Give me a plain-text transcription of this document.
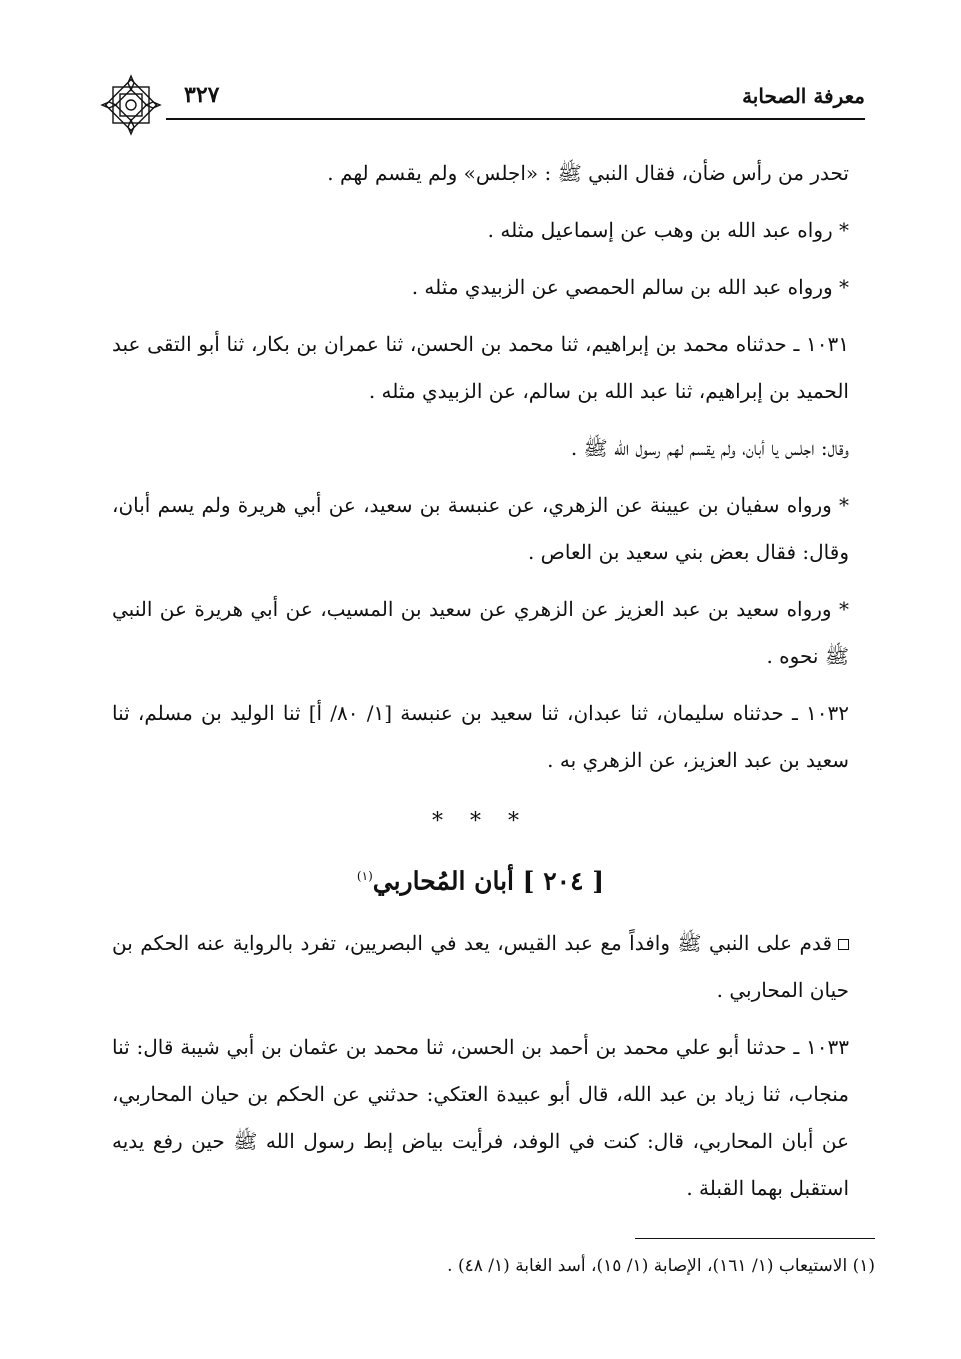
معرفة الصحابة
٣٢٧

تحدر من رأس ضأن، فقال النبي ﷺ : «اجلس» ولم يقسم لهم .

* رواه عبد الله بن وهب عن إسماعيل مثله .

* ورواه عبد الله بن سالم الحمصي عن الزبيدي مثله .

١٠٣١ ـ حدثناه محمد بن إبراهيم، ثنا محمد بن الحسن، ثنا عمران بن بكار، ثنا أبو التقى عبد الحميد بن إبراهيم، ثنا عبد الله بن سالم، عن الزبيدي مثله .

وقال: اجلس يا أبان، ولم يقسم لهم رسول الله ﷺ .

* ورواه سفيان بن عيينة عن الزهري، عن عنبسة بن سعيد، عن أبي هريرة ولم يسم أبان، وقال: فقال بعض بني سعيد بن العاص .

* ورواه سعيد بن عبد العزيز عن الزهري عن سعيد بن المسيب، عن أبي هريرة عن النبي ﷺ نحوه .

١٠٣٢ ـ حدثناه سليمان، ثنا عبدان، ثنا سعيد بن عنبسة [١/ ٨٠/ أ] ثنا الوليد بن مسلم، ثنا سعيد بن عبد العزيز، عن الزهري به .

* * *

[ ٢٠٤ ] أبان المُحاربي$^{(١)}$

قدم على النبي ﷺ وافداً مع عبد القيس، يعد في البصريين، تفرد بالرواية عنه الحكم بن حيان المحاربي .

١٠٣٣ ـ حدثنا أبو علي محمد بن أحمد بن الحسن، ثنا محمد بن عثمان بن أبي شيبة قال: ثنا منجاب، ثنا زياد بن عبد الله، قال أبو عبيدة العتكي: حدثني عن الحكم بن حيان المحاربي، عن أبان المحاربي، قال: كنت في الوفد، فرأيت بياض إبط رسول الله ﷺ حين رفع يديه استقبل بهما القبلة .

(١) الاستيعاب (١/ ١٦١)، الإصابة (١/ ١٥)، أسد الغابة (١/ ٤٨) .
